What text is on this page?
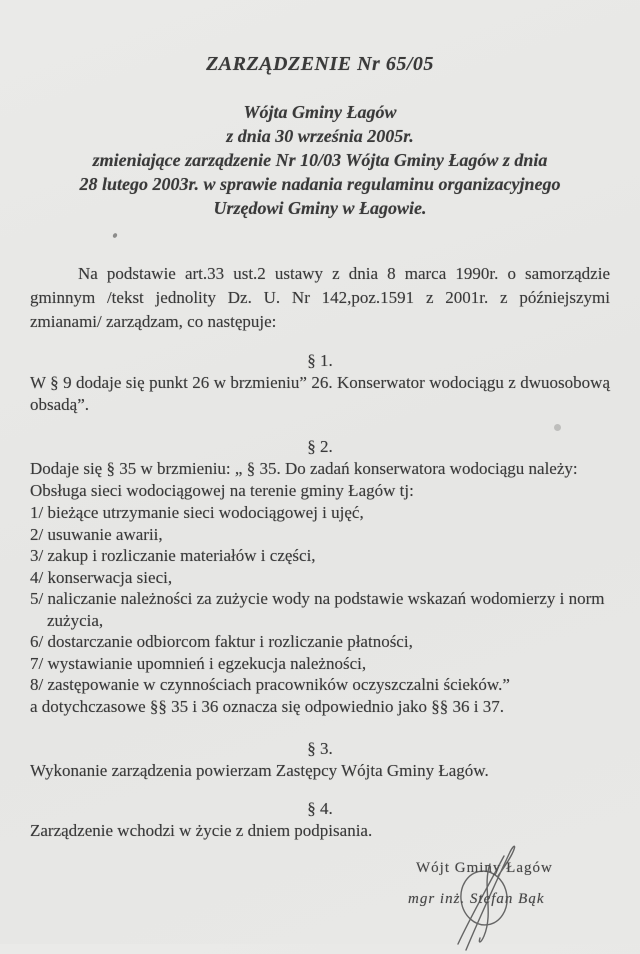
ZARZĄDZENIE Nr 65/05
Wójta Gminy Łagów
z dnia 30 września 2005r.
zmieniające zarządzenie Nr 10/03 Wójta Gminy Łagów z dnia
28 lutego 2003r. w sprawie nadania regulaminu organizacyjnego
Urzędowi Gminy w Łagowie.

Na podstawie art.33 ust.2 ustawy z dnia 8 marca 1990r. o samorządzie gminnym /tekst jednolity Dz. U. Nr 142,poz.1591 z 2001r. z późniejszymi zmianami/ zarządzam, co następuje:

§ 1.

W § 9 dodaje się punkt 26 w brzmieniu” 26. Konserwator wodociągu z dwuosobową obsadą”.

§ 2.

Dodaje się § 35 w brzmieniu: „ § 35. Do zadań konserwatora wodociągu należy:

Obsługa sieci wodociągowej na terenie gminy Łagów tj:

1/ bieżące utrzymanie sieci wodociągowej i ujęć,
2/ usuwanie awarii,
3/ zakup i rozliczanie materiałów i części,
4/ konserwacja sieci,
5/ naliczanie należności za zużycie wody na podstawie wskazań wodomierzy i norm zużycia,
6/ dostarczanie odbiorcom faktur i rozliczanie płatności,
7/ wystawianie upomnień i egzekucja należności,
8/ zastępowanie w czynnościach pracowników oczyszczalni ścieków.”

a dotychczasowe §§ 35 i 36 oznacza się odpowiednio jako §§ 36 i 37.

§ 3.

Wykonanie zarządzenia powierzam Zastępcy Wójta Gminy Łagów.

§ 4.

Zarządzenie wchodzi w życie z dniem podpisania.

Wójt Gminy Łagów
mgr inż. Stefan Bąk
